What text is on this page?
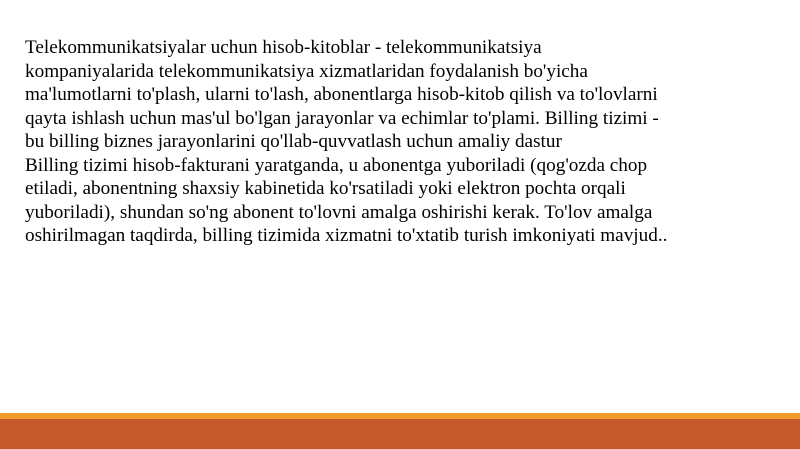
Telekommunikatsiyalar uchun hisob-kitoblar - telekommunikatsiya
kompaniyalarida telekommunikatsiya xizmatlaridan foydalanish bo'yicha
ma'lumotlarni to'plash, ularni to'lash, abonentlarga hisob-kitob qilish va to'lovlarni
qayta ishlash uchun mas'ul bo'lgan jarayonlar va echimlar to'plami. Billing tizimi -
bu billing biznes jarayonlarini qo'llab-quvvatlash uchun amaliy dastur
Billing tizimi hisob-fakturani yaratganda, u abonentga yuboriladi (qog'ozda chop
etiladi, abonentning shaxsiy kabinetida ko'rsatiladi yoki elektron pochta orqali
yuboriladi), shundan so'ng abonent to'lovni amalga oshirishi kerak. To'lov amalga
oshirilmagan taqdirda, billing tizimida xizmatni to'xtatib turish imkoniyati mavjud..
